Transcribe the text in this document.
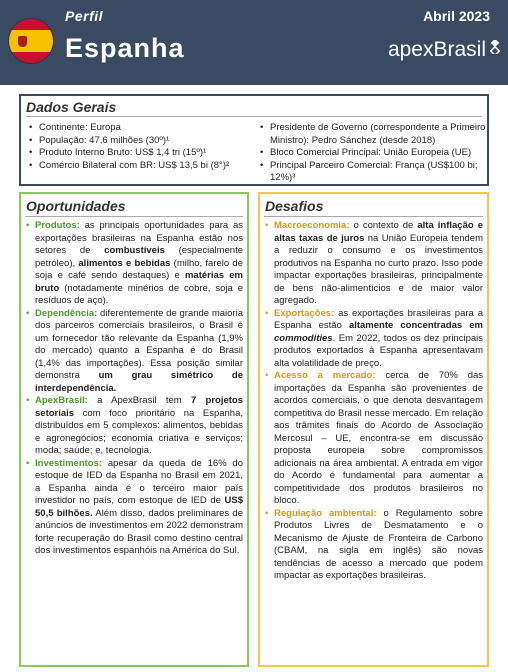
Perfil
Espanha
Abril 2023
apexBrasil
Dados Gerais
• Continente: Europa
• População: 47,6 milhões (30º)¹
• Produto Interno Bruto: US$ 1,4 tri (15º)¹
• Comércio Bilateral com BR: US$ 13,5 bi (8°)²
• Presidente de Governo (correspondente a Primeiro Ministro): Pedro Sánchez (desde 2018)
• Bloco Comercial Principal: União Europeia (UE)
• Principal Parceiro Comercial: França (US$100 bi; 12%)³
Oportunidades
• Produtos: as principais oportunidades para as exportações brasileiras na Espanha estão nos setores de combustíveis (especialmente petróleo), alimentos e bebidas (milho, farelo de soja e café sendo destaques) e matérias em bruto (notadamente minérios de cobre, soja e resíduos de aço).
• Dependência: diferentemente de grande maioria dos parceiros comerciais brasileiros, o Brasil é um fornecedor tão relevante da Espanha (1,9% do mercado) quanto a Espanha é do Brasil (1,4% das importações). Essa posição similar demonstra um grau simétrico de interdependência.
• ApexBrasil: a ApexBrasil tem 7 projetos setoriais com foco prioritário na Espanha, distribuídos em 5 complexos: alimentos, bebidas e agronegócios; economia criativa e serviços; moda; saúde; e, tecnologia.
• Investimentos: apesar da queda de 16% do estoque de IED da Espanha no Brasil em 2021, a Espanha ainda é o terceiro maior país investidor no país, com estoque de IED de US$ 50,5 bilhões. Além disso, dados preliminares de anúncios de investimentos em 2022 demonstram forte recuperação do Brasil como destino central dos investimentos espanhóis na América do Sul.
Desafios
• Macroeconomia: o contexto de alta inflação e altas taxas de juros na União Europeia tendem a reduzir o consumo e os investimentos produtivos na Espanha no curto prazo. Isso pode impactar exportações brasileiras, principalmente de bens não-alimentícios e de maior valor agregado.
• Exportações: as exportações brasileiras para a Espanha estão altamente concentradas em commodities. Em 2022, todos os dez principais produtos exportados à Espanha apresentavam alta volatilidade de preço.
• Acesso a mercado: cerca de 70% das importações da Espanha são provenientes de acordos comerciais, o que denota desvantagem competitiva do Brasil nesse mercado. Em relação aos trâmites finais do Acordo de Associação Mercosul – UE, encontra-se em discussão proposta europeia sobre compromissos adicionais na área ambiental. A entrada em vigor do Acordo é fundamental para aumentar a competitividade dos produtos brasileiros no bloco.
• Regulação ambiental: o Regulamento sobre Produtos Livres de Desmatamento e o Mecanismo de Ajuste de Fronteira de Carbono (CBAM, na sigla em inglês) são novas tendências de acesso a mercado que podem impactar as exportações brasileiras.
